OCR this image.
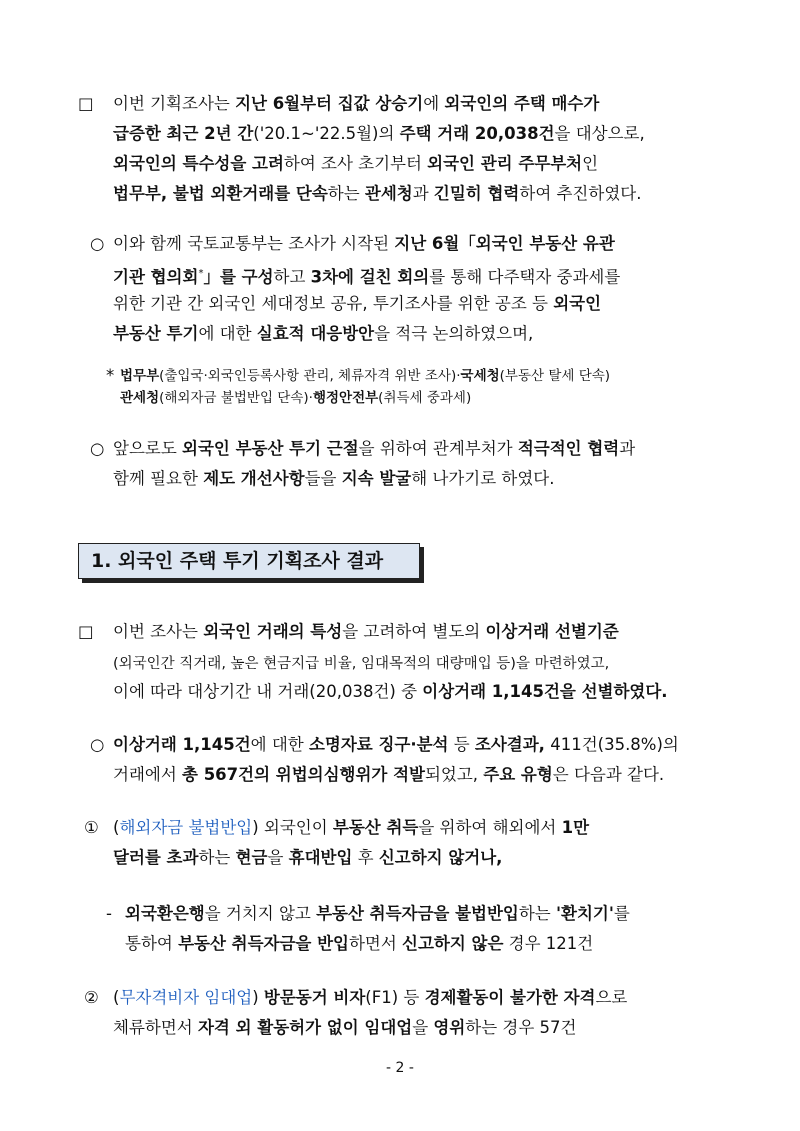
□ 이번 기획조사는 지난 6월부터 집값 상승기에 외국인의 주택 매수가
급증한 최근 2년 간('20.1~'22.5월)의 주택 거래 20,038건을 대상으로,
외국인의 특수성을 고려하여 조사 초기부터 외국인 관리 주무부처인
법무부, 불법 외환거래를 단속하는 관세청과 긴밀히 협력하여 추진하였다.
○ 이와 함께 국토교통부는 조사가 시작된 지난 6월「외국인 부동산 유관
기관 협의회*」를 구성하고 3차에 걸친 회의를 통해 다주택자 중과세를
위한 기관 간 외국인 세대정보 공유, 투기조사를 위한 공조 등 외국인
부동산 투기에 대한 실효적 대응방안을 적극 논의하였으며,
* 법무부(출입국·외국인등록사항 관리, 체류자격 위반 조사)·국세청(부동산 탈세 단속)
관세청(해외자금 불법반입 단속)·행정안전부(취득세 중과세)
○ 앞으로도 외국인 부동산 투기 근절을 위하여 관계부처가 적극적인 협력과
함께 필요한 제도 개선사항들을 지속 발굴해 나가기로 하였다.
1. 외국인 주택 투기 기획조사 결과
□ 이번 조사는 외국인 거래의 특성을 고려하여 별도의 이상거래 선별기준
(외국인간 직거래, 높은 현금지급 비율, 임대목적의 대량매입 등)을 마련하였고,
이에 따라 대상기간 내 거래(20,038건) 중 이상거래 1,145건을 선별하였다.
○ 이상거래 1,145건에 대한 소명자료 징구·분석 등 조사결과, 411건(35.8%)의
거래에서 총 567건의 위법의심행위가 적발되었고, 주요 유형은 다음과 같다.
① (해외자금 불법반입) 외국인이 부동산 취득을 위하여 해외에서 1만
달러를 초과하는 현금을 휴대반입 후 신고하지 않거나,
- 외국환은행을 거치지 않고 부동산 취득자금을 불법반입하는 '환치기'를
통하여 부동산 취득자금을 반입하면서 신고하지 않은 경우 121건
② (무자격비자 임대업) 방문동거 비자(F1) 등 경제활동이 불가한 자격으로
체류하면서 자격 외 활동허가 없이 임대업을 영위하는 경우 57건
- 2 -
